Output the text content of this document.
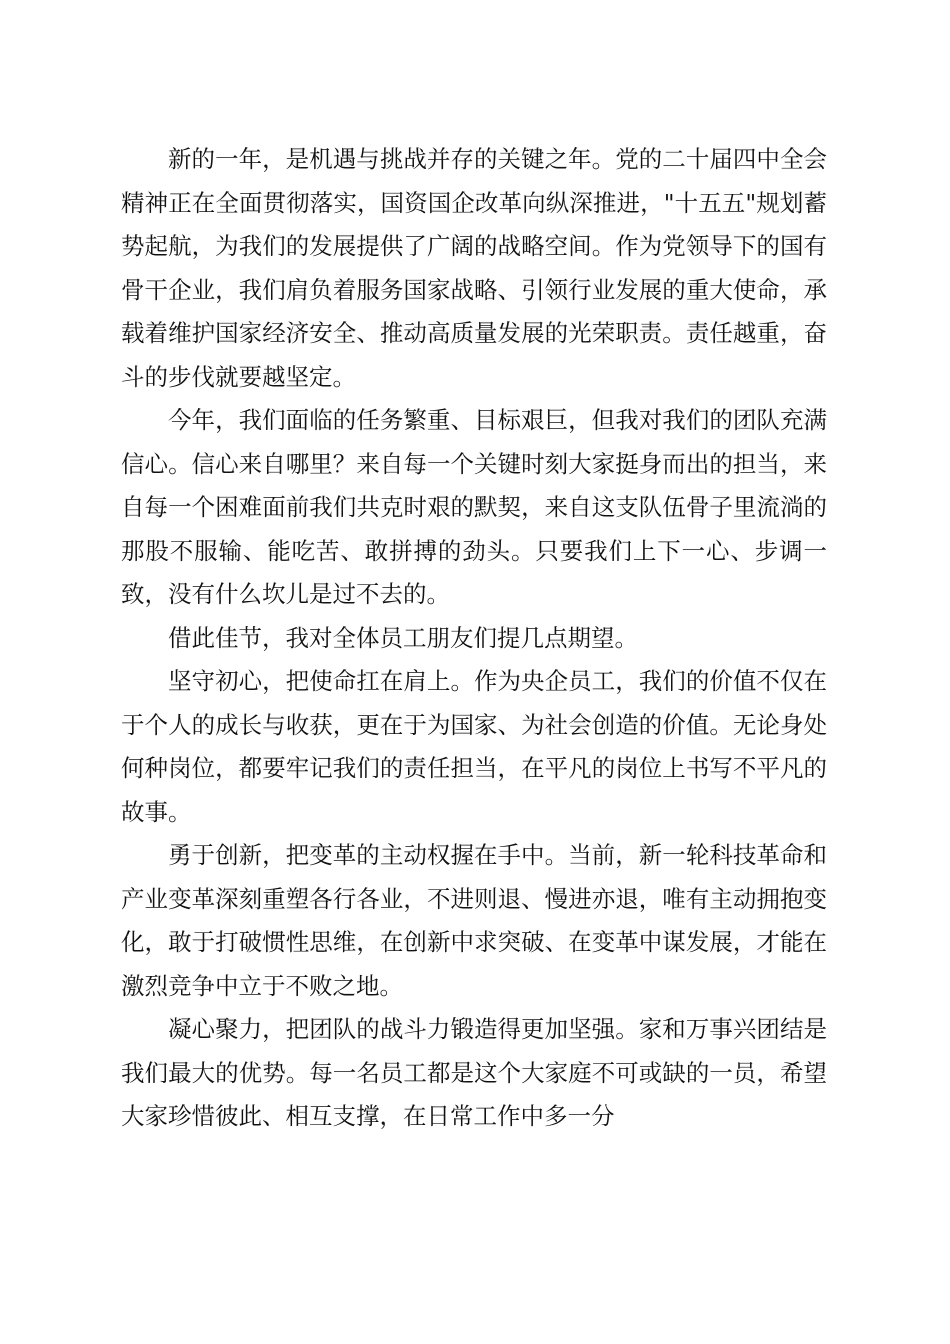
新的一年，是机遇与挑战并存的关键之年。党的二十届四中全会精神正在全面贯彻落实，国资国企改革向纵深推进，"十五五"规划蓄势起航，为我们的发展提供了广阔的战略空间。作为党领导下的国有骨干企业，我们肩负着服务国家战略、引领行业发展的重大使命，承载着维护国家经济安全、推动高质量发展的光荣职责。责任越重，奋斗的步伐就要越坚定。

今年，我们面临的任务繁重、目标艰巨，但我对我们的团队充满信心。信心来自哪里？来自每一个关键时刻大家挺身而出的担当，来自每一个困难面前我们共克时艰的默契，来自这支队伍骨子里流淌的那股不服输、能吃苦、敢拼搏的劲头。只要我们上下一心、步调一致，没有什么坎儿是过不去的。

借此佳节，我对全体员工朋友们提几点期望。

坚守初心，把使命扛在肩上。作为央企员工，我们的价值不仅在于个人的成长与收获，更在于为国家、为社会创造的价值。无论身处何种岗位，都要牢记我们的责任担当，在平凡的岗位上书写不平凡的故事。

勇于创新，把变革的主动权握在手中。当前，新一轮科技革命和产业变革深刻重塑各行各业，不进则退、慢进亦退，唯有主动拥抱变化，敢于打破惯性思维，在创新中求突破、在变革中谋发展，才能在激烈竞争中立于不败之地。

凝心聚力，把团队的战斗力锻造得更加坚强。家和万事兴团结是我们最大的优势。每一名员工都是这个大家庭不可或缺的一员，希望大家珍惜彼此、相互支撑，在日常工作中多一分
